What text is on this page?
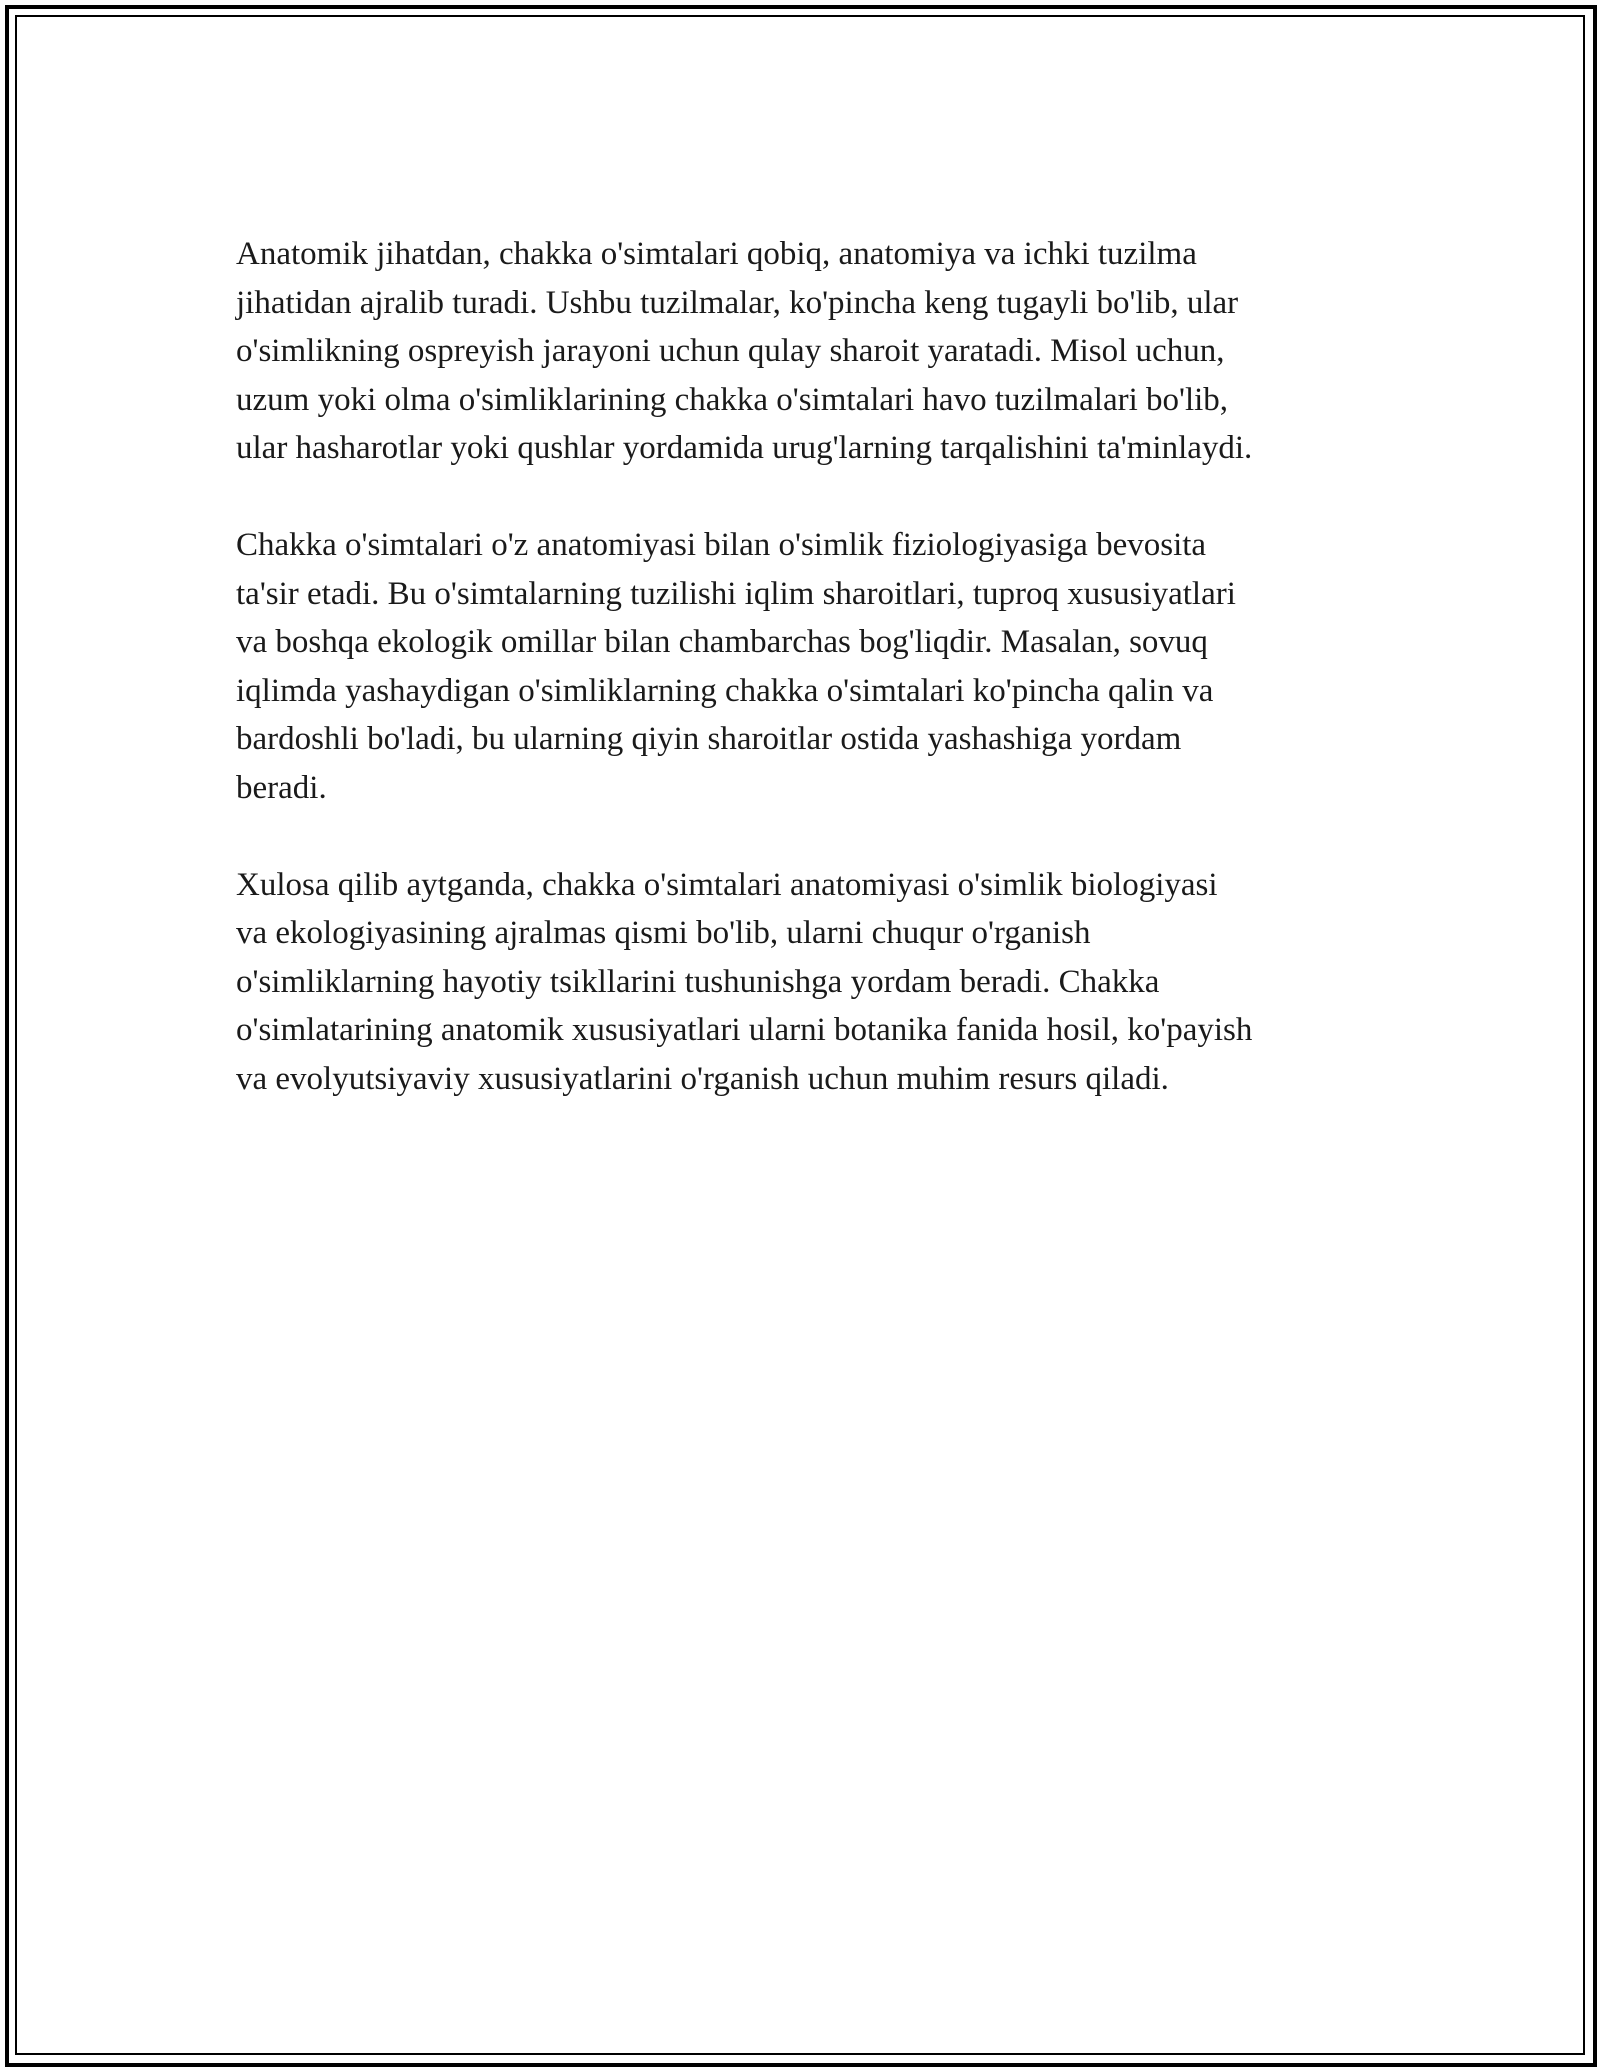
Anatomik jihatdan, chakka o'simtalari qobiq, anatomiya va ichki tuzilma
jihatidan ajralib turadi. Ushbu tuzilmalar, ko'pincha keng tugayli bo'lib, ular
o'simlikning ospreyish jarayoni uchun qulay sharoit yaratadi. Misol uchun,
uzum yoki olma o'simliklarining chakka o'simtalari havo tuzilmalari bo'lib,
ular hasharotlar yoki qushlar yordamida urug'larning tarqalishini ta'minlaydi.

Chakka o'simtalari o'z anatomiyasi bilan o'simlik fiziologiyasiga bevosita
ta'sir etadi. Bu o'simtalarning tuzilishi iqlim sharoitlari, tuproq xususiyatlari
va boshqa ekologik omillar bilan chambarchas bog'liqdir. Masalan, sovuq
iqlimda yashaydigan o'simliklarning chakka o'simtalari ko'pincha qalin va
bardoshli bo'ladi, bu ularning qiyin sharoitlar ostida yashashiga yordam
beradi.

Xulosa qilib aytganda, chakka o'simtalari anatomiyasi o'simlik biologiyasi
va ekologiyasining ajralmas qismi bo'lib, ularni chuqur o'rganish
o'simliklarning hayotiy tsikllarini tushunishga yordam beradi. Chakka
o'simlatarining anatomik xususiyatlari ularni botanika fanida hosil, ko'payish
va evolyutsiyaviy xususiyatlarini o'rganish uchun muhim resurs qiladi.
